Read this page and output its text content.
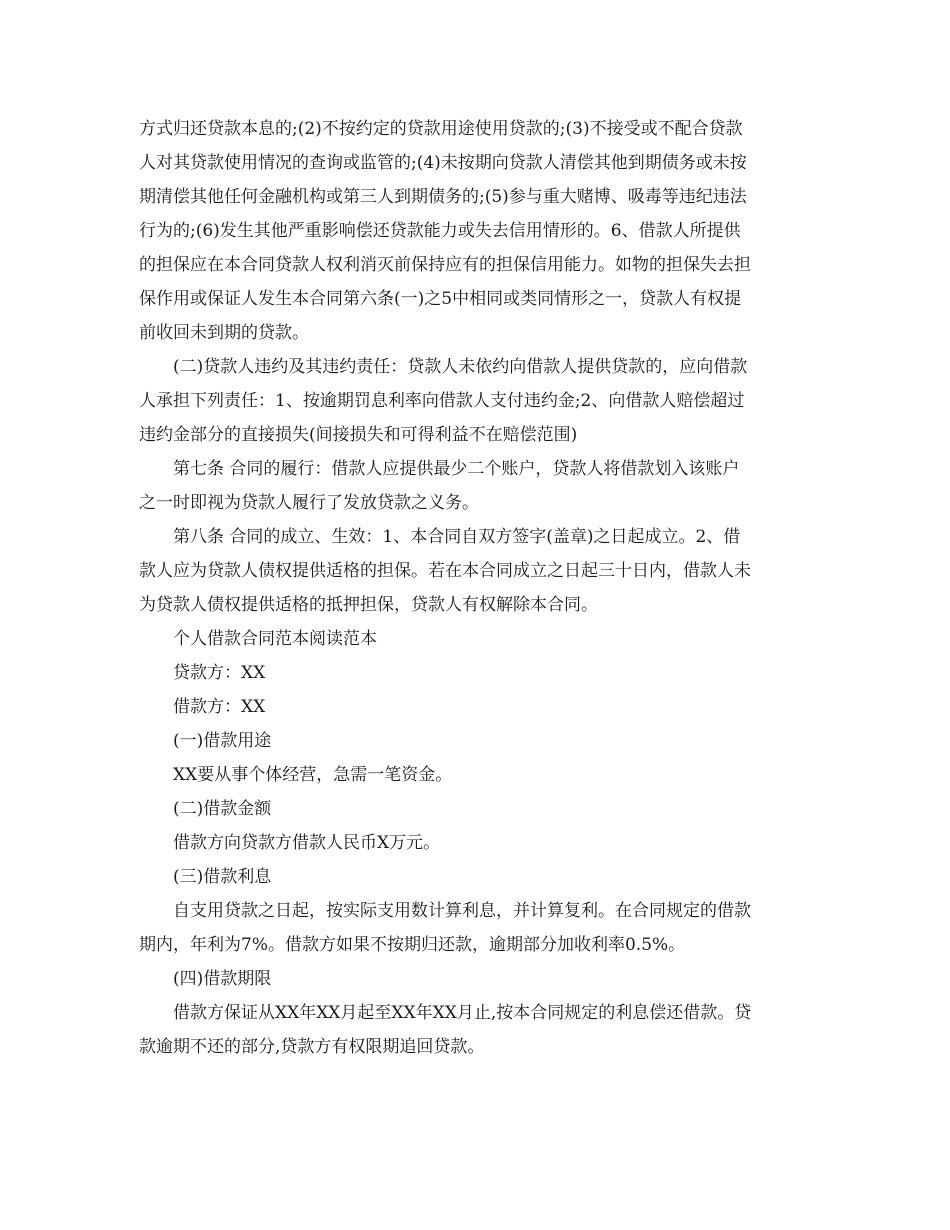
方式归还贷款本息的;(2)不按约定的贷款用途使用贷款的;(3)不接受或不配合贷款
人对其贷款使用情况的查询或监管的;(4)未按期向贷款人清偿其他到期债务或未按
期清偿其他任何金融机构或第三人到期债务的;(5)参与重大赌博、吸毒等违纪违法
行为的;(6)发生其他严重影响偿还贷款能力或失去信用情形的。6、借款人所提供
的担保应在本合同贷款人权利消灭前保持应有的担保信用能力。如物的担保失去担
保作用或保证人发生本合同第六条(一)之5中相同或类同情形之一，贷款人有权提
前收回未到期的贷款。

(二)贷款人违约及其违约责任：贷款人未依约向借款人提供贷款的，应向借款
人承担下列责任：1、按逾期罚息利率向借款人支付违约金;2、向借款人赔偿超过
违约金部分的直接损失(间接损失和可得利益不在赔偿范围)

第七条 合同的履行：借款人应提供最少二个账户，贷款人将借款划入该账户
之一时即视为贷款人履行了发放贷款之义务。

第八条 合同的成立、生效：1、本合同自双方签字(盖章)之日起成立。2、借
款人应为贷款人债权提供适格的担保。若在本合同成立之日起三十日内，借款人未
为贷款人债权提供适格的抵押担保，贷款人有权解除本合同。

个人借款合同范本阅读范本

贷款方：XX

借款方：XX

(一)借款用途

XX要从事个体经营，急需一笔资金。

(二)借款金额

借款方向贷款方借款人民币X万元。

(三)借款利息

自支用贷款之日起，按实际支用数计算利息，并计算复利。在合同规定的借款
期内，年利为7%。借款方如果不按期归还款，逾期部分加收利率0.5%。

(四)借款期限

借款方保证从XX年XX月起至XX年XX月止,按本合同规定的利息偿还借款。贷
款逾期不还的部分,贷款方有权限期追回贷款。
